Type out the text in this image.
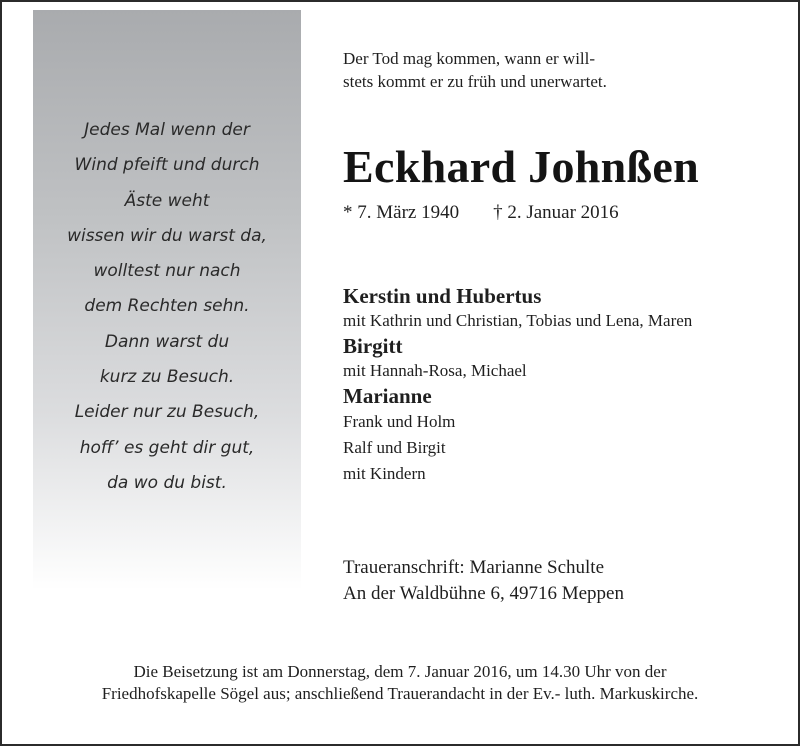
Jedes Mal wenn der
Wind pfeift und durch
Äste weht
wissen wir du warst da,
wolltest nur nach
dem Rechten sehn.
Dann warst du
kurz zu Besuch.
Leider nur zu Besuch,
hoff’ es geht dir gut,
da wo du bist.
Der Tod mag kommen, wann er will-
stets kommt er zu früh und unerwartet.
Eckhard Johnßen
* 7. März 1940 † 2. Januar 2016
Kerstin und Hubertus
mit Kathrin und Christian, Tobias und Lena, Maren
Birgitt
mit Hannah-Rosa, Michael
Marianne
Frank und Holm
Ralf und Birgit
mit Kindern
Traueranschrift: Marianne Schulte
An der Waldbühne 6, 49716 Meppen
Die Beisetzung ist am Donnerstag, dem 7. Januar 2016, um 14.30 Uhr von der
Friedhofskapelle Sögel aus; anschließend Trauerandacht in der Ev.- luth. Markuskirche.
